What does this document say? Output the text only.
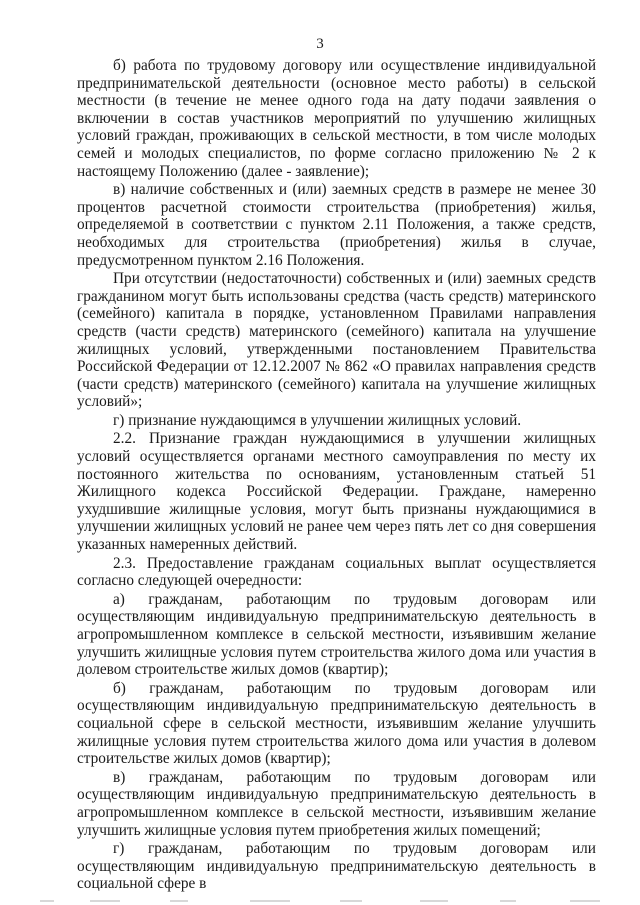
3

б) работа по трудовому договору или осуществление индивидуальной предпринимательской деятельности (основное место работы) в сельской местности (в течение не менее одного года на дату подачи заявления о включении в состав участников мероприятий по улучшению жилищных условий граждан, проживающих в сельской местности, в том числе молодых семей и молодых специалистов, по форме согласно приложению № 2 к настоящему Положению (далее - заявление);

в) наличие собственных и (или) заемных средств в размере не менее 30 процентов расчетной стоимости строительства (приобретения) жилья, определяемой в соответствии с пунктом 2.11 Положения, а также средств, необходимых для строительства (приобретения) жилья в случае, предусмотренном пунктом 2.16 Положения.

При отсутствии (недостаточности) собственных и (или) заемных средств гражданином могут быть использованы средства (часть средств) материнского (семейного) капитала в порядке, установленном Правилами направления средств (части средств) материнского (семейного) капитала на улучшение жилищных условий, утвержденными постановлением Правительства Российской Федерации от 12.12.2007 № 862 «О правилах направления средств (части средств) материнского (семейного) капитала на улучшение жилищных условий»;

г) признание нуждающимся в улучшении жилищных условий.

2.2. Признание граждан нуждающимися в улучшении жилищных условий осуществляется органами местного самоуправления по месту их постоянного жительства по основаниям, установленным статьей 51 Жилищного кодекса Российской Федерации. Граждане, намеренно ухудшившие жилищные условия, могут быть признаны нуждающимися в улучшении жилищных условий не ранее чем через пять лет со дня совершения указанных намеренных действий.

2.3. Предоставление гражданам социальных выплат осуществляется согласно следующей очередности:

а) гражданам, работающим по трудовым договорам или осуществляющим индивидуальную предпринимательскую деятельность в агропромышленном комплексе в сельской местности, изъявившим желание улучшить жилищные условия путем строительства жилого дома или участия в долевом строительстве жилых домов (квартир);

б) гражданам, работающим по трудовым договорам или осуществляющим индивидуальную предпринимательскую деятельность в социальной сфере в сельской местности, изъявившим желание улучшить жилищные условия путем строительства жилого дома или участия в долевом строительстве жилых домов (квартир);

в) гражданам, работающим по трудовым договорам или осуществляющим индивидуальную предпринимательскую деятельность в агропромышленном комплексе в сельской местности, изъявившим желание улучшить жилищные условия путем приобретения жилых помещений;

г) гражданам, работающим по трудовым договорам или осуществляющим индивидуальную предпринимательскую деятельность в социальной сфере в
